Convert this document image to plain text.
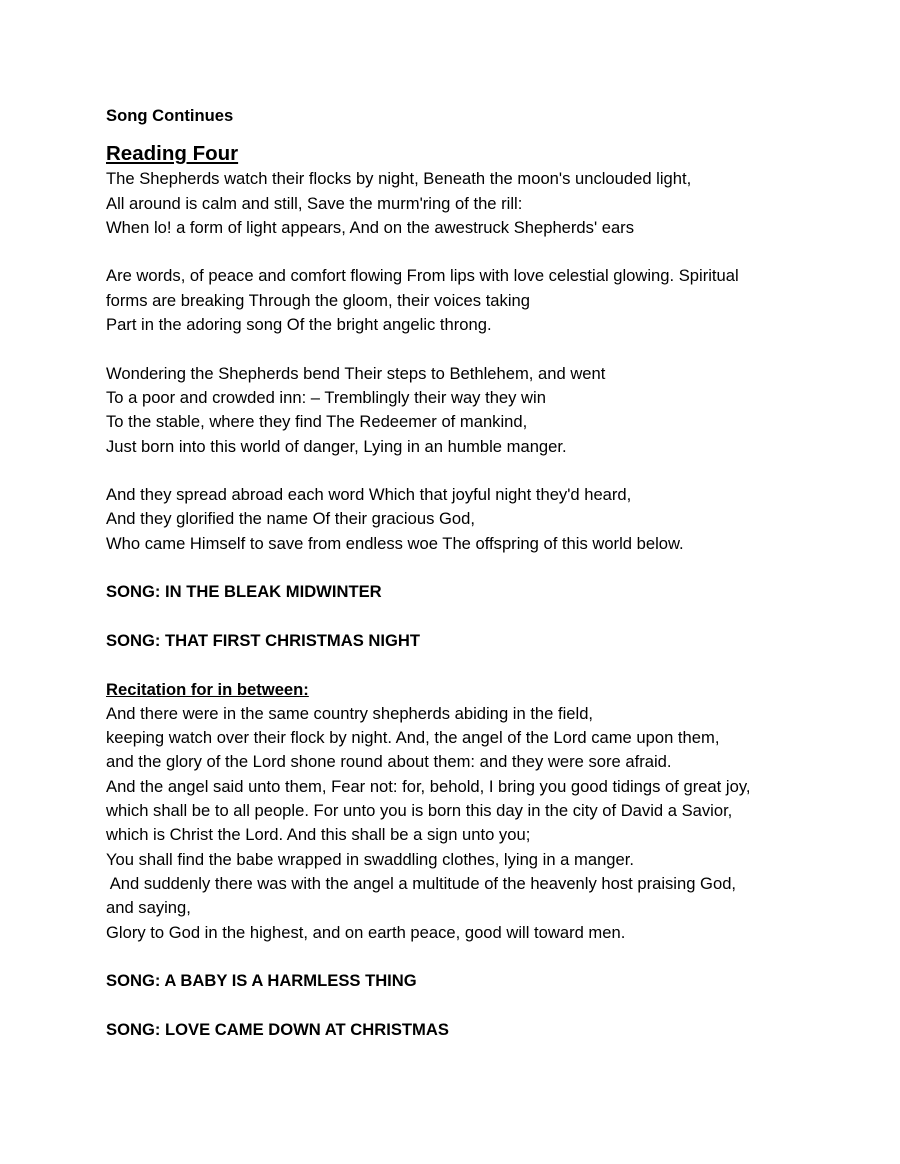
Song Continues
Reading Four
The Shepherds watch their flocks by night, Beneath the moon's unclouded light,
All around is calm and still, Save the murm'ring of the rill:
When lo! a form of light appears, And on the awestruck Shepherds' ears
Are words, of peace and comfort flowing From lips with love celestial glowing. Spiritual
forms are breaking Through the gloom, their voices taking
Part in the adoring song Of the bright angelic throng.
Wondering the Shepherds bend Their steps to Bethlehem, and went
To a poor and crowded inn: – Tremblingly their way they win
To the stable, where they find The Redeemer of mankind,
Just born into this world of danger, Lying in an humble manger.
And they spread abroad each word Which that joyful night they'd heard,
And they glorified the name Of their gracious God,
Who came Himself to save from endless woe The offspring of this world below.
SONG: IN THE BLEAK MIDWINTER
SONG: THAT FIRST CHRISTMAS NIGHT
Recitation for in between:
And there were in the same country shepherds abiding in the field,
keeping watch over their flock by night. And, the angel of the Lord came upon them,
and the glory of the Lord shone round about them: and they were sore afraid.
And the angel said unto them, Fear not: for, behold, I bring you good tidings of great joy,
which shall be to all people. For unto you is born this day in the city of David a Savior,
which is Christ the Lord. And this shall be a sign unto you;
You shall find the babe wrapped in swaddling clothes, lying in a manger.
And suddenly there was with the angel a multitude of the heavenly host praising God,
and saying,
Glory to God in the highest, and on earth peace, good will toward men.
SONG: A BABY IS A HARMLESS THING
SONG: LOVE CAME DOWN AT CHRISTMAS
